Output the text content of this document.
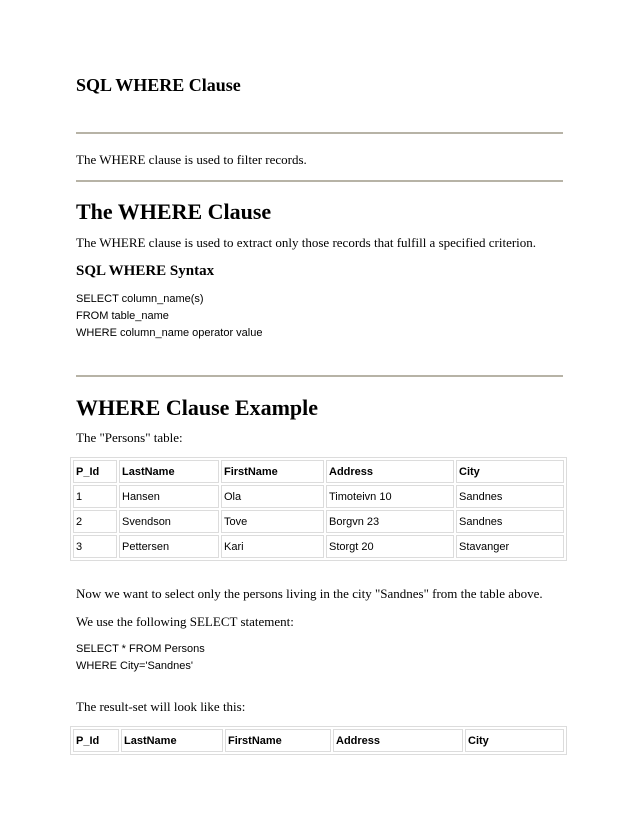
SQL WHERE Clause
The WHERE clause is used to filter records.
The WHERE Clause
The WHERE clause is used to extract only those records that fulfill a specified criterion.
SQL WHERE Syntax
SELECT column_name(s)
FROM table_name
WHERE column_name operator value
WHERE Clause Example
The "Persons" table:
P_Id	LastName	FirstName	Address	City
1	Hansen	Ola	Timoteivn 10	Sandnes
2	Svendson	Tove	Borgvn 23	Sandnes
3	Pettersen	Kari	Storgt 20	Stavanger
Now we want to select only the persons living in the city "Sandnes" from the table above.
We use the following SELECT statement:
SELECT * FROM Persons
WHERE City='Sandnes'
The result-set will look like this:
P_Id	LastName	FirstName	Address	City
